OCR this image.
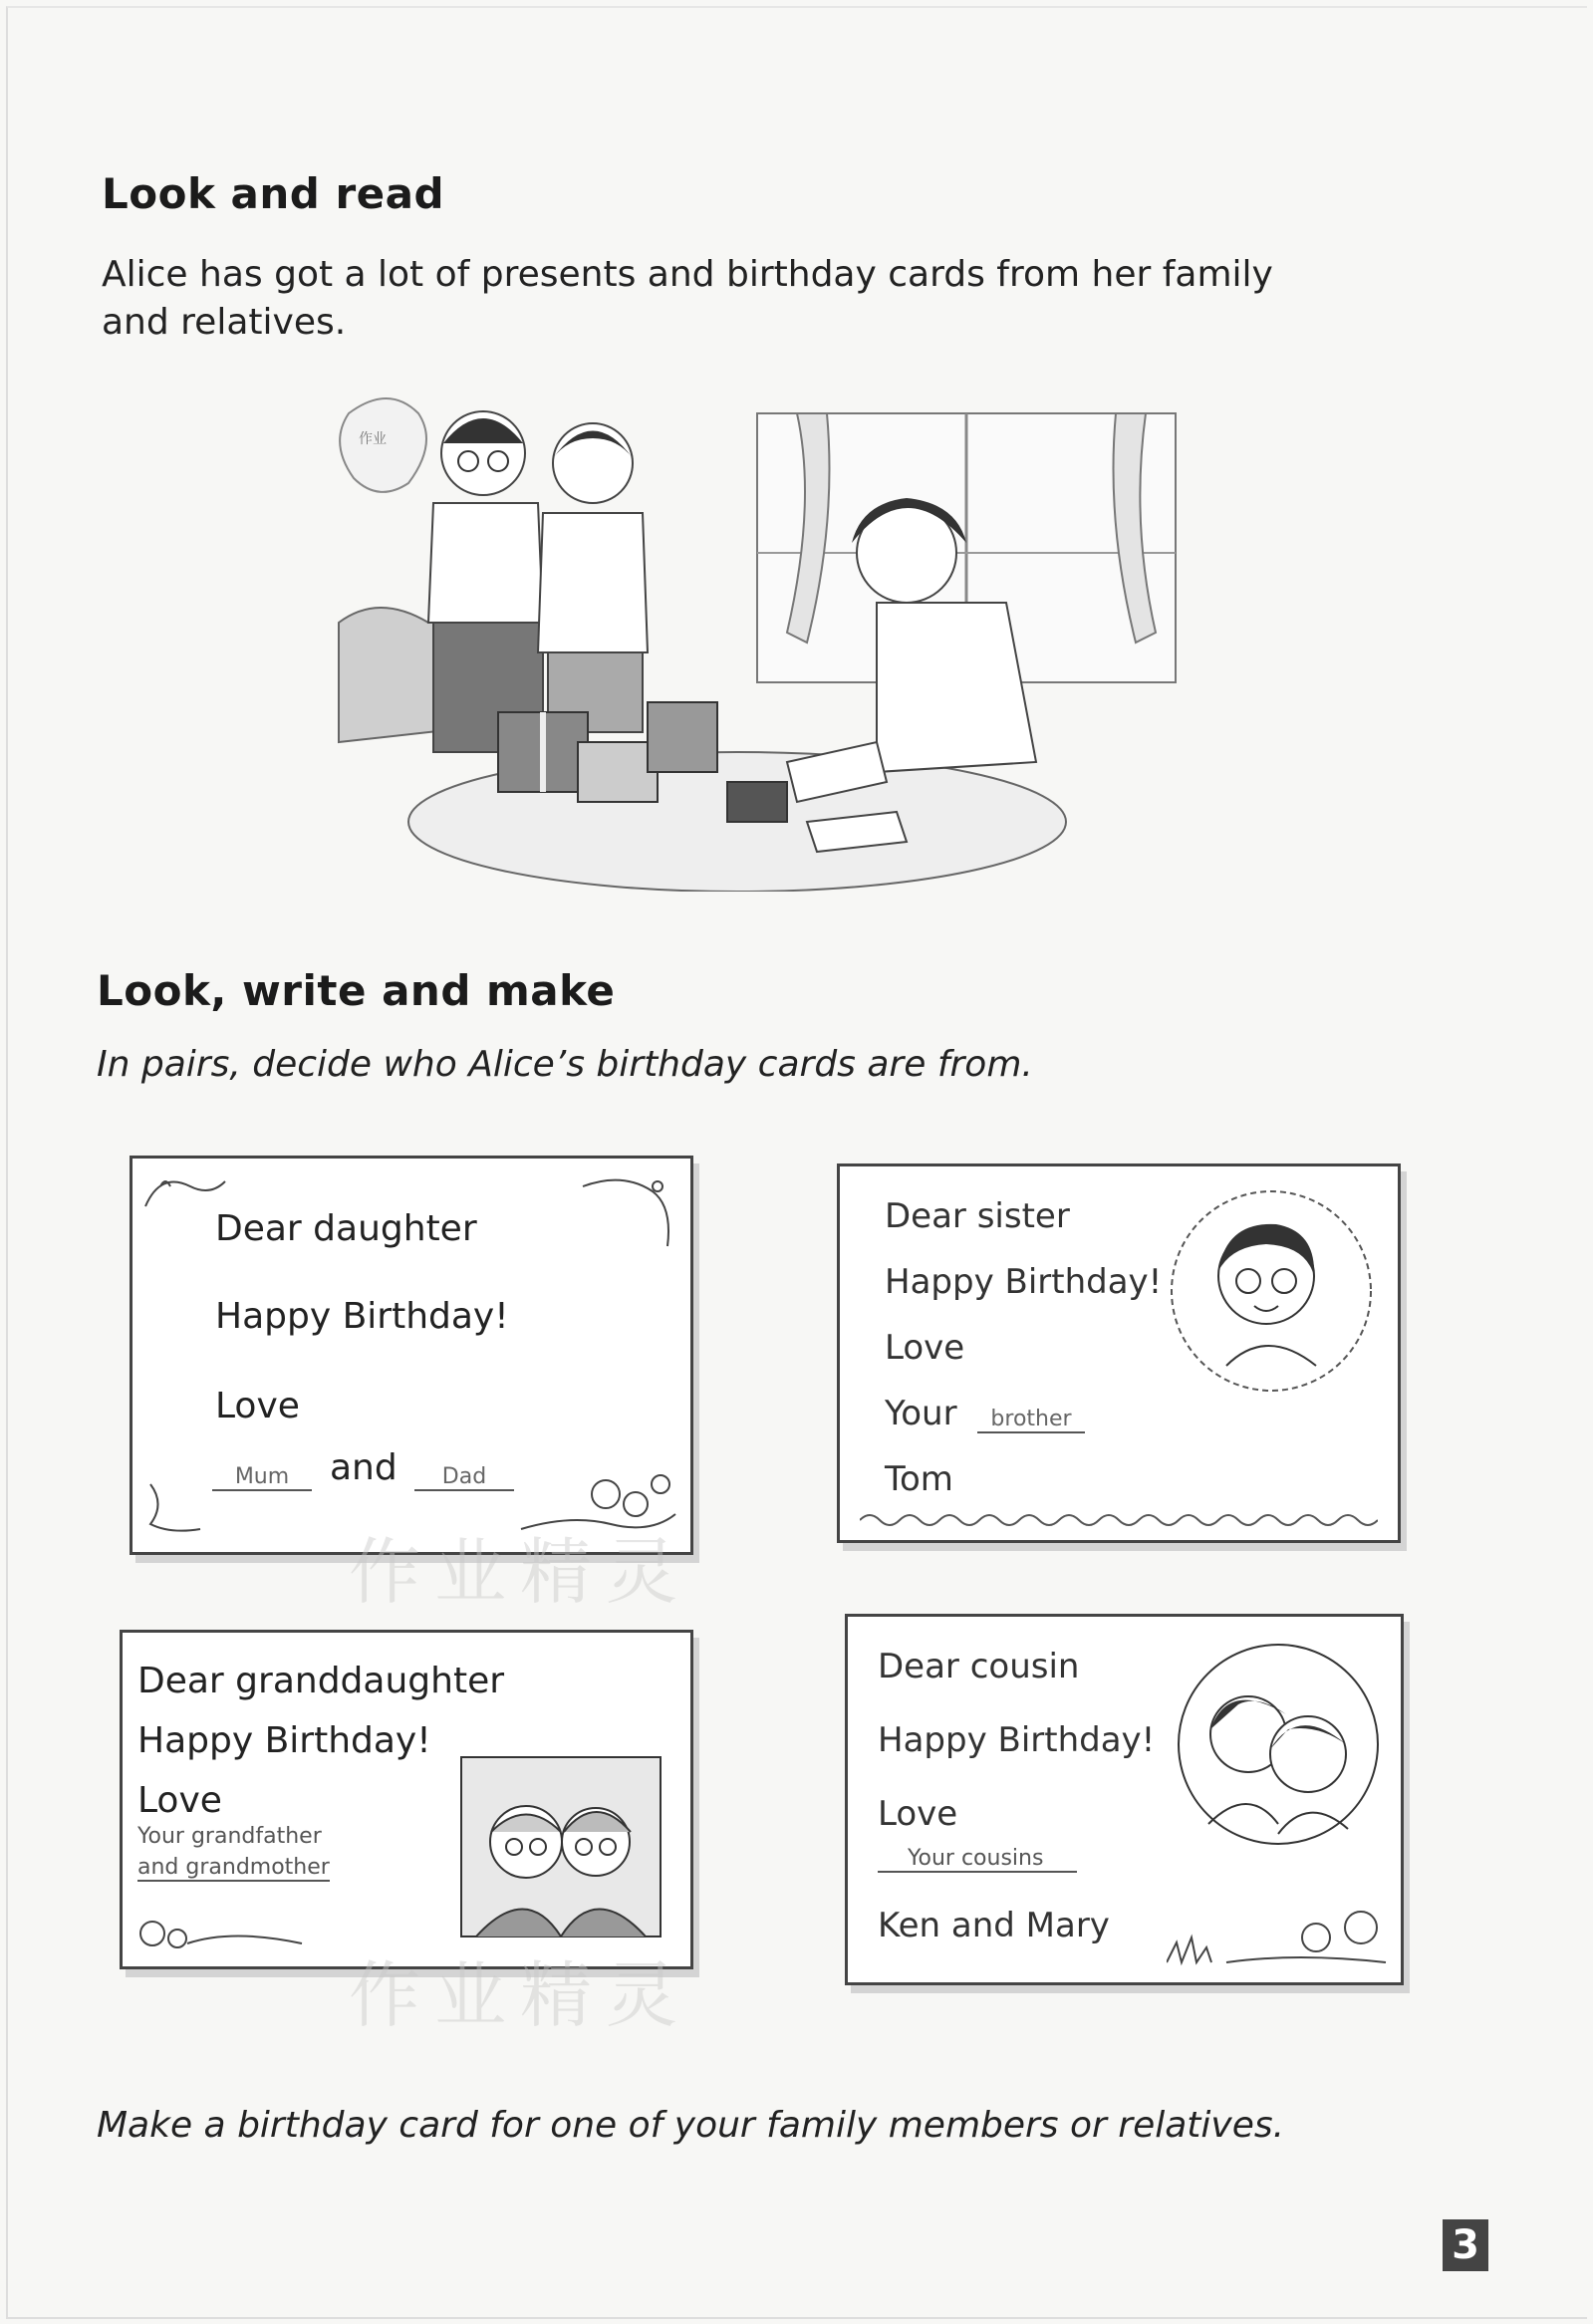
Look and read
Alice has got a lot of presents and birthday cards from her family
and relatives.
作业
Look, write and make
In pairs, decide who Alice’s birthday cards are from.
Dear daughter
Happy Birthday!
Love
Mum	and	Dad
Dear sister
Happy Birthday!
Love
Your	brother
Tom
Dear granddaughter
Happy Birthday!
Love
Your grandfather
and grandmother
Dear cousin
Happy Birthday!
Love
Your cousins
Ken and Mary
作业精灵
作业精灵
Make a birthday card for one of your family members or relatives.
3
